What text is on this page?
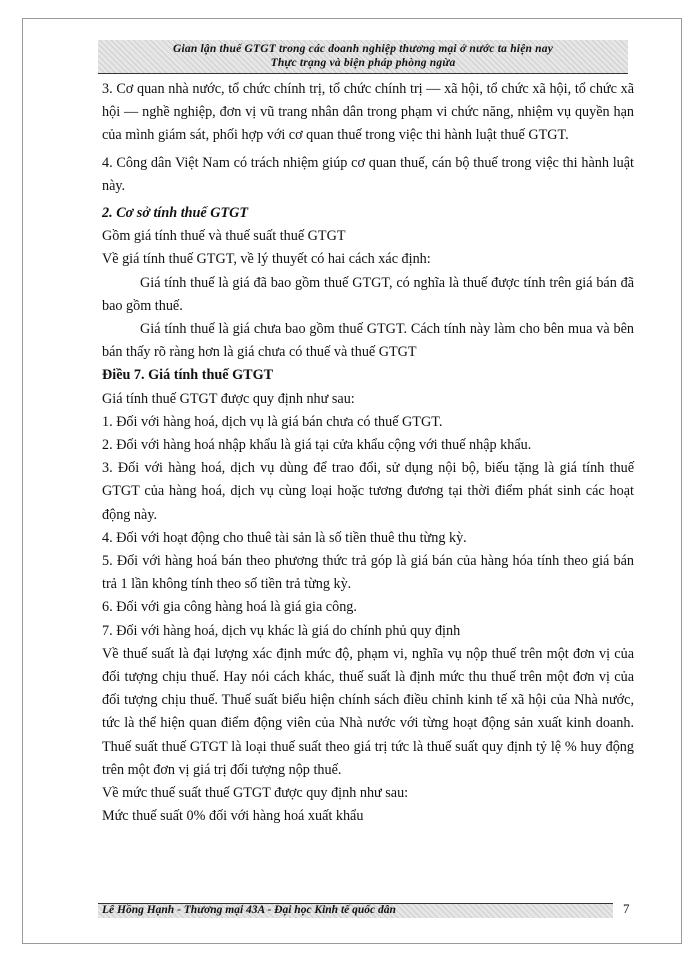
Gian lận thuế GTGT trong các doanh nghiệp thương mại ở nước ta hiện nay
Thực trạng và biện pháp phòng ngừa

3. Cơ quan nhà nước, tổ chức chính trị, tổ chức chính trị — xã hội, tổ chức xã hội, tổ chức xã hội — nghề nghiệp, đơn vị vũ trang nhân dân trong phạm vi chức năng, nhiệm vụ quyền hạn của mình giám sát, phối hợp với cơ quan thuế trong việc thi hành luật thuế GTGT.

4. Công dân Việt Nam có trách nhiệm giúp cơ quan thuế, cán bộ thuế trong việc thi hành luật này.

2. Cơ sở tính thuế GTGT

Gồm giá tính thuế và thuế suất thuế GTGT

Về giá tính thuế GTGT, về lý thuyết có hai cách xác định:

Giá tính thuế là giá đã bao gồm thuế GTGT, có nghĩa là thuế được tính trên giá bán đã bao gồm thuế.

Giá tính thuế là giá chưa bao gồm thuế GTGT. Cách tính này làm cho bên mua và bên bán thấy rõ ràng hơn là giá chưa có thuế và thuế GTGT

Điều 7. Giá tính thuế GTGT

Giá tính thuế GTGT được quy định như sau:

1. Đối với hàng hoá, dịch vụ là giá bán chưa có thuế GTGT.

2. Đối với hàng hoá nhập khẩu là giá tại cửa khẩu cộng với thuế nhập khẩu.

3. Đối với hàng hoá, dịch vụ dùng để trao đổi, sử dụng nội bộ, biếu tặng là giá tính thuế GTGT của hàng hoá, dịch vụ cùng loại hoặc tương đương tại thời điểm phát sinh các hoạt động này.

4. Đối với hoạt động cho thuê tài sản là số tiền thuê thu từng kỳ.

5. Đối với hàng hoá bán theo phương thức trả góp là giá bán của hàng hóa tính theo giá bán trả 1 lần không tính theo số tiền trả từng kỳ.

6. Đối với gia công hàng hoá là giá gia công.

7. Đối với hàng hoá, dịch vụ khác là giá do chính phủ quy định

Về thuế suất là đại lượng xác định mức độ, phạm vi, nghĩa vụ nộp thuế trên một đơn vị của đối tượng chịu thuế. Hay nói cách khác, thuế suất là định mức thu thuế trên một đơn vị của đối tượng chịu thuế. Thuế suất biểu hiện chính sách điều chỉnh kinh tế xã hội của Nhà nước, tức là thể hiện quan điểm động viên của Nhà nước với từng hoạt động sản xuất kinh doanh. Thuế suất thuế GTGT là loại thuế suất theo giá trị tức là thuế suất quy định tỷ lệ % huy động trên một đơn vị giá trị đối tượng nộp thuế.

Về mức thuế suất thuế GTGT được quy định như sau:

Mức thuế suất 0% đối với hàng hoá xuất khẩu

Lê Hồng Hạnh - Thương mại 43A - Đại học Kinh tế quốc dân	7
